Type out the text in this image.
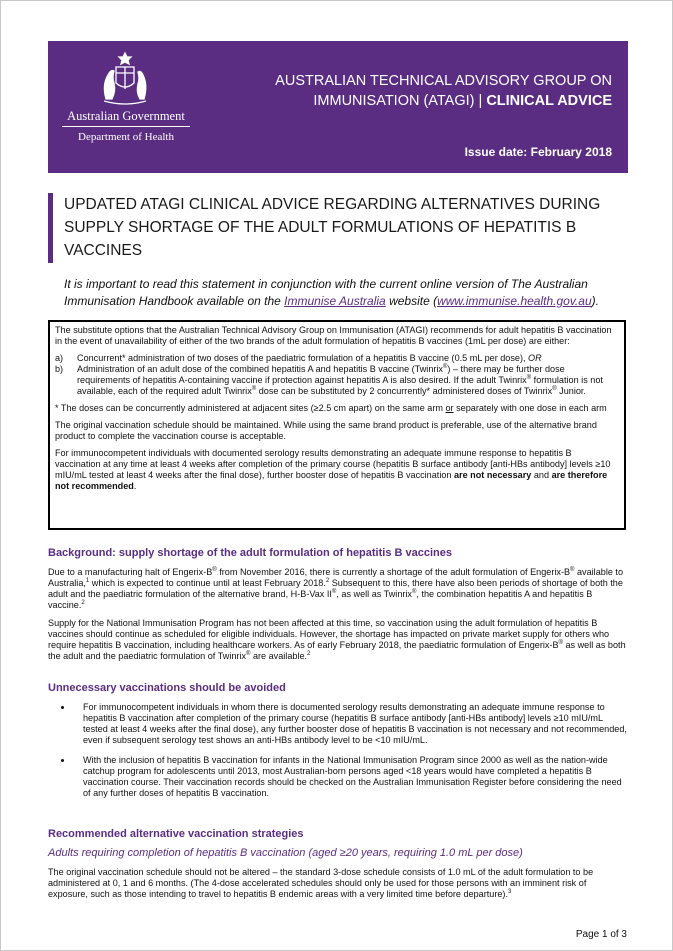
Australian Government
Department of Health
AUSTRALIAN TECHNICAL ADVISORY GROUP ON
IMMUNISATION (ATAGI) | CLINICAL ADVICE
Issue date: February 2018
UPDATED ATAGI CLINICAL ADVICE REGARDING ALTERNATIVES DURING SUPPLY SHORTAGE OF THE ADULT FORMULATIONS OF HEPATITIS B VACCINES
It is important to read this statement in conjunction with the current online version of The Australian Immunisation Handbook available on the Immunise Australia website (www.immunise.health.gov.au).

The substitute options that the Australian Technical Advisory Group on Immunisation (ATAGI) recommends for adult hepatitis B vaccination in the event of unavailability of either of the two brands of the adult formulation of hepatitis B vaccines (1mL per dose) are either:

a)	Concurrent* administration of two doses of the paediatric formulation of a hepatitis B vaccine (0.5 mL per dose), OR
b)	Administration of an adult dose of the combined hepatitis A and hepatitis B vaccine (Twinrix®) – there may be further dose requirements of hepatitis A-containing vaccine if protection against hepatitis A is also desired. If the adult Twinrix® formulation is not available, each of the required adult Twinrix® dose can be substituted by 2 concurrently* administered doses of Twinrix® Junior.

* The doses can be concurrently administered at adjacent sites (≥2.5 cm apart) on the same arm or separately with one dose in each arm

The original vaccination schedule should be maintained. While using the same brand product is preferable, use of the alternative brand product to complete the vaccination course is acceptable.

For immunocompetent individuals with documented serology results demonstrating an adequate immune response to hepatitis B vaccination at any time at least 4 weeks after completion of the primary course (hepatitis B surface antibody [anti-HBs antibody] levels ≥10 mIU/mL tested at least 4 weeks after the final dose), further booster dose of hepatitis B vaccination are not necessary and are therefore not recommended.

Background: supply shortage of the adult formulation of hepatitis B vaccines

Due to a manufacturing halt of Engerix-B® from November 2016, there is currently a shortage of the adult formulation of Engerix-B® available to Australia,$^1$ which is expected to continue until at least February 2018.$^2$ Subsequent to this, there have also been periods of shortage of both the adult and the paediatric formulation of the alternative brand, H-B-Vax II®, as well as Twinrix®, the combination hepatitis A and hepatitis B vaccine.$^2$

Supply for the National Immunisation Program has not been affected at this time, so vaccination using the adult formulation of hepatitis B vaccines should continue as scheduled for eligible individuals. However, the shortage has impacted on private market supply for others who require hepatitis B vaccination, including healthcare workers. As of early February 2018, the paediatric formulation of Engerix-B® as well as both the adult and the paediatric formulation of Twinrix® are available.$^2$

Unnecessary vaccinations should be avoided
• For immunocompetent individuals in whom there is documented serology results demonstrating an adequate immune response to hepatitis B vaccination after completion of the primary course (hepatitis B surface antibody [anti-HBs antibody] levels ≥10 mIU/mL tested at least 4 weeks after the final dose), any further booster dose of hepatitis B vaccination is not necessary and not recommended, even if subsequent serology test shows an anti-HBs antibody level to be <10 mIU/mL.
• With the inclusion of hepatitis B vaccination for infants in the National Immunisation Program since 2000 as well as the nation-wide catchup program for adolescents until 2013, most Australian-born persons aged <18 years would have completed a hepatitis B vaccination course. Their vaccination records should be checked on the Australian Immunisation Register before considering the need of any further doses of hepatitis B vaccination.
Recommended alternative vaccination strategies
Adults requiring completion of hepatitis B vaccination (aged ≥20 years, requiring 1.0 mL per dose)

The original vaccination schedule should not be altered – the standard 3-dose schedule consists of 1.0 mL of the adult formulation to be administered at 0, 1 and 6 months. (The 4-dose accelerated schedules should only be used for those persons with an imminent risk of exposure, such as those intending to travel to hepatitis B endemic areas with a very limited time before departure).$^3$

Page 1 of 3
